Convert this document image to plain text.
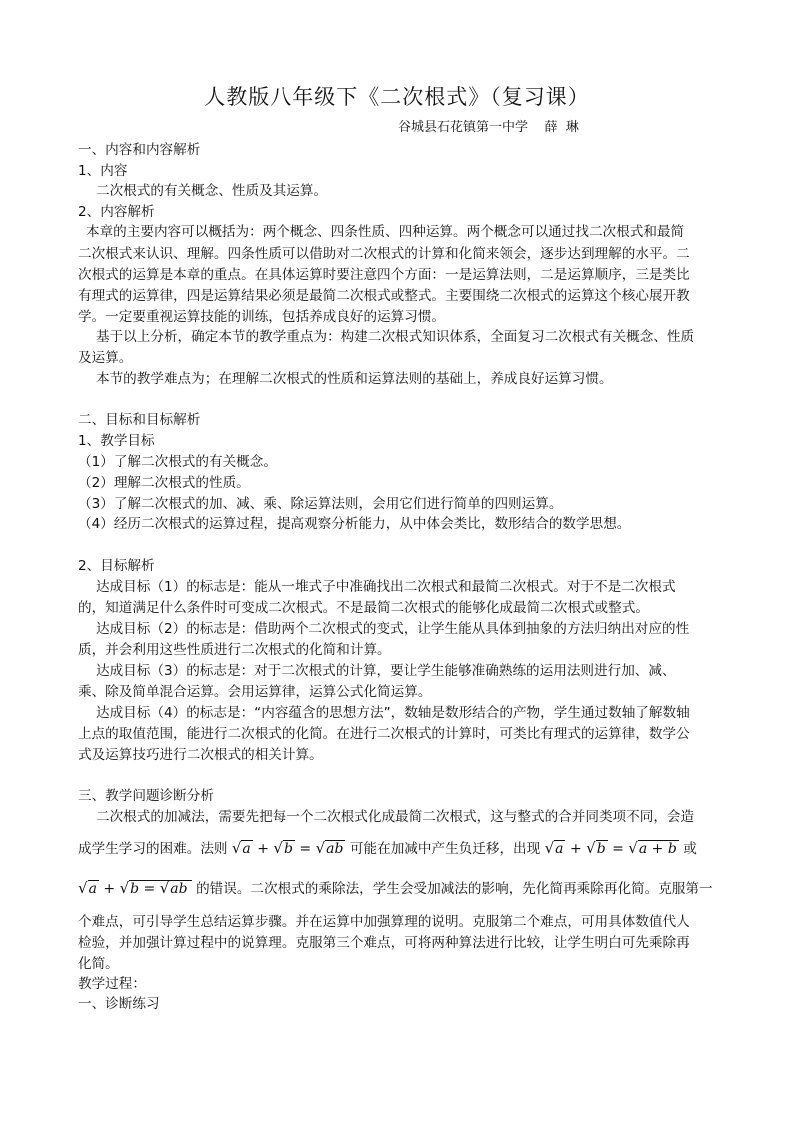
人教版八年级下《二次根式》（复习课）
谷城县石花镇第一中学    薛  琳
一、内容和内容解析
1、内容
二次根式的有关概念、性质及其运算。
2、内容解析
本章的主要内容可以概括为：两个概念、四条性质、四种运算。两个概念可以通过找二次根式和最简
二次根式来认识、理解。四条性质可以借助对二次根式的计算和化简来领会，逐步达到理解的水平。二
次根式的运算是本章的重点。在具体运算时要注意四个方面：一是运算法则，二是运算顺序，三是类比
有理式的运算律，四是运算结果必须是最简二次根式或整式。主要围绕二次根式的运算这个核心展开教
学。一定要重视运算技能的训练，包括养成良好的运算习惯。
基于以上分析，确定本节的教学重点为：构建二次根式知识体系，全面复习二次根式有关概念、性质
及运算。
本节的教学难点为；在理解二次根式的性质和运算法则的基础上，养成良好运算习惯。
二、目标和目标解析
1、教学目标
（1）了解二次根式的有关概念。
（2）理解二次根式的性质。
（3）了解二次根式的加、减、乘、除运算法则，会用它们进行简单的四则运算。
（4）经历二次根式的运算过程，提高观察分析能力，从中体会类比，数形结合的数学思想。
2、目标解析
达成目标（1）的标志是：能从一堆式子中准确找出二次根式和最简二次根式。对于不是二次根式
的，知道满足什么条件时可变成二次根式。不是最简二次根式的能够化成最简二次根式或整式。
达成目标（2）的标志是：借助两个二次根式的变式，让学生能从具体到抽象的方法归纳出对应的性
质，并会利用这些性质进行二次根式的化简和计算。
达成目标（3）的标志是：对于二次根式的计算，要让学生能够准确熟练的运用法则进行加、减、
乘、除及简单混合运算。会用运算律，运算公式化简运算。
达成目标（4）的标志是：“内容蕴含的思想方法”，数轴是数形结合的产物，学生通过数轴了解数轴
上点的取值范围，能进行二次根式的化简。在进行二次根式的计算时，可类比有理式的运算律，数学公
式及运算技巧进行二次根式的相关计算。
三、教学问题诊断分析
二次根式的加减法，需要先把每一个二次根式化成最简二次根式，这与整式的合并同类项不同，会造
成学生学习的困难。法则 √a + √b = √ab 可能在加减中产生负迁移，出现 √a + √b = √a + b 或
√a + √b = √ab 的错误。二次根式的乘除法，学生会受加减法的影响，先化简再乘除再化简。克服第一
个难点，可引导学生总结运算步骤。并在运算中加强算理的说明。克服第二个难点，可用具体数值代人
检验，并加强计算过程中的说算理。克服第三个难点，可将两种算法进行比较，让学生明白可先乘除再
化简。
教学过程：
一、诊断练习
